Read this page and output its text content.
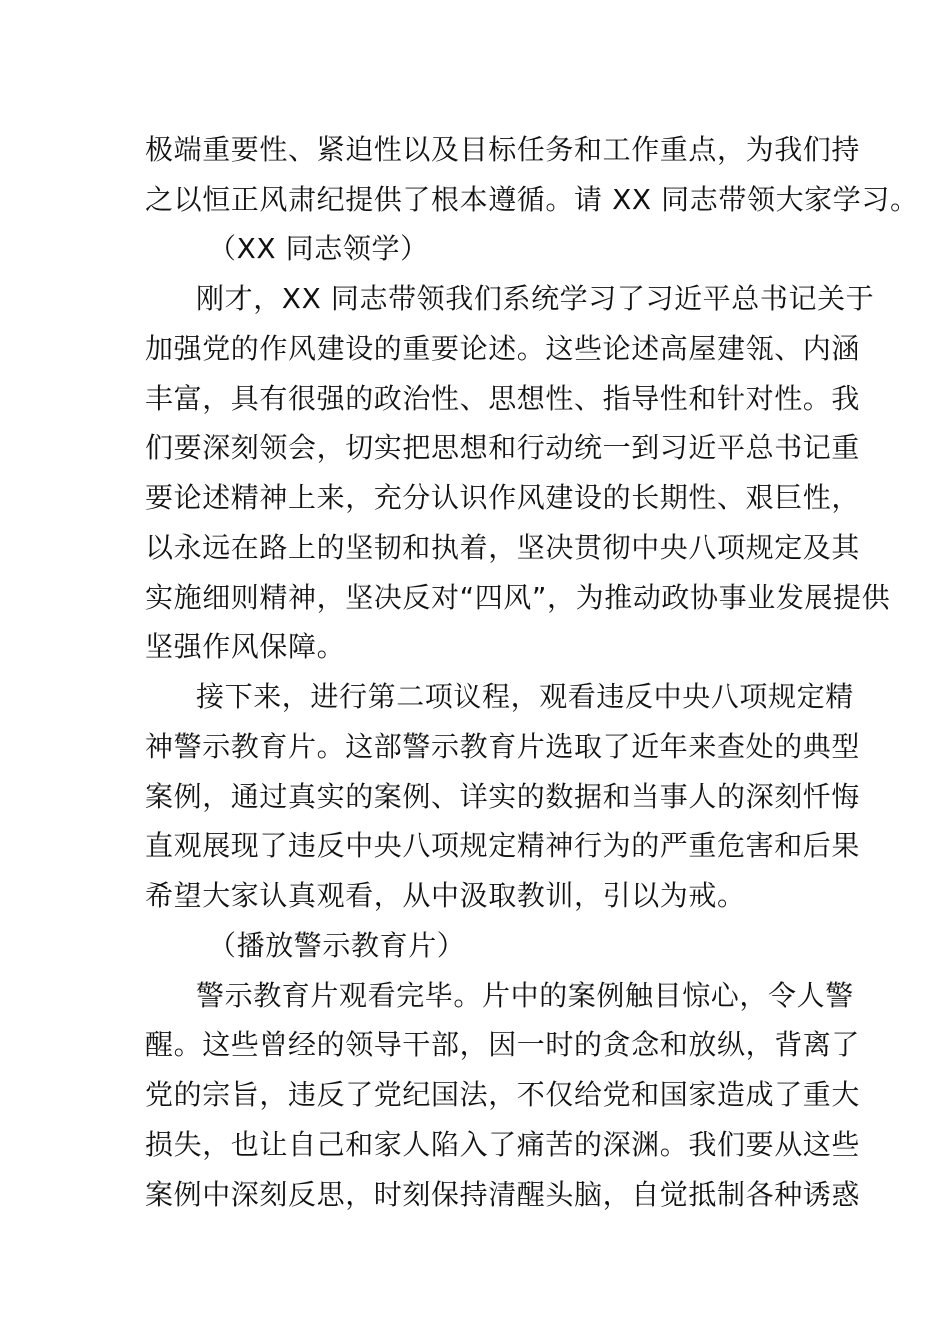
极端重要性、紧迫性以及目标任务和工作重点，为我们持
之以恒正风肃纪提供了根本遵循。请 XX 同志带领大家学习。
（XX 同志领学）
刚才，XX 同志带领我们系统学习了习近平总书记关于
加强党的作风建设的重要论述。这些论述高屋建瓴、内涵
丰富，具有很强的政治性、思想性、指导性和针对性。我
们要深刻领会，切实把思想和行动统一到习近平总书记重
要论述精神上来，充分认识作风建设的长期性、艰巨性，
以永远在路上的坚韧和执着，坚决贯彻中央八项规定及其
实施细则精神，坚决反对“四风”，为推动政协事业发展提供
坚强作风保障。
接下来，进行第二项议程，观看违反中央八项规定精
神警示教育片。这部警示教育片选取了近年来查处的典型
案例，通过真实的案例、详实的数据和当事人的深刻忏悔
直观展现了违反中央八项规定精神行为的严重危害和后果
希望大家认真观看，从中汲取教训，引以为戒。
（播放警示教育片）
警示教育片观看完毕。片中的案例触目惊心，令人警
醒。这些曾经的领导干部，因一时的贪念和放纵，背离了
党的宗旨，违反了党纪国法，不仅给党和国家造成了重大
损失，也让自己和家人陷入了痛苦的深渊。我们要从这些
案例中深刻反思，时刻保持清醒头脑，自觉抵制各种诱惑
